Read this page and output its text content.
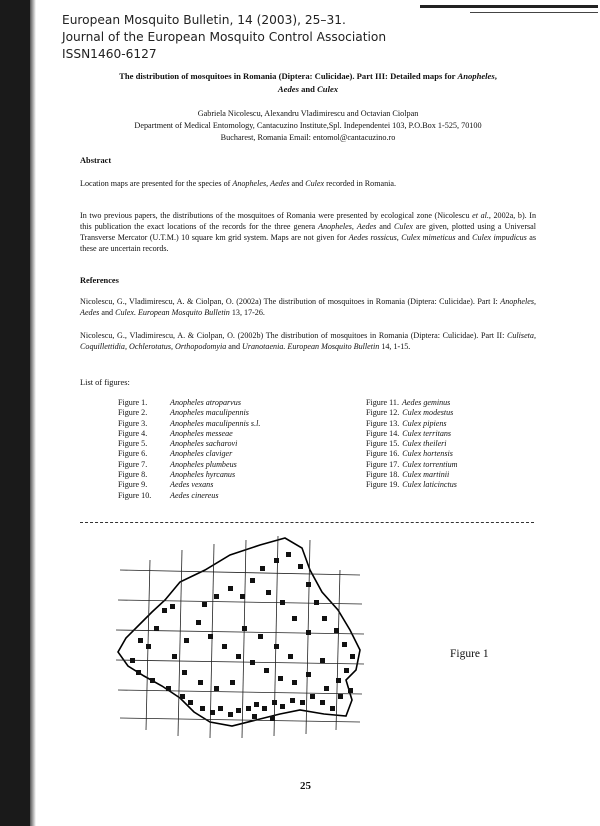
European Mosquito Bulletin, 14 (2003), 25–31.
Journal of the European Mosquito Control Association
ISSN1460-6127
The distribution of mosquitoes in Romania (Diptera: Culicidae). Part III: Detailed maps for Anopheles,
Aedes and Culex
Gabriela Nicolescu, Alexandru Vladimirescu and Octavian Ciolpan
Department of Medical Entomology, Cantacuzino Institute,Spl. Independentei 103, P.O.Box 1-525, 70100
Bucharest, Romania Email: entomol@cantacuzino.ro
Abstract
Location maps are presented for the species of Anopheles, Aedes and Culex recorded in Romania.
In two previous papers, the distributions of the mosquitoes of Romania were presented by ecological zone (Nicolescu et al., 2002a, b). In this publication the exact locations of the records for the three genera Anopheles, Aedes and Culex are given, plotted using a Universal Transverse Mercator (U.T.M.) 10 square km grid system. Maps are not given for Aedes rossicus, Culex mimeticus and Culex impudicus as these are uncertain records.
References
Nicolescu, G., Vladimirescu, A. & Ciolpan, O. (2002a) The distribution of mosquitoes in Romania (Diptera: Culicidae). Part I: Anopheles, Aedes and Culex. European Mosquito Bulletin 13, 17-26.
Nicolescu, G., Vladimirescu, A. & Ciolpan, O. (2002b) The distribution of mosquitoes in Romania (Diptera: Culicidae). Part II: Culiseta, Coquillettidia, Ochlerotatus, Orthopodomyia and Uranotaenia. European Mosquito Bulletin 14, 1-15.
List of figures:
Figure 1.	Anopheles atroparvus
Figure 2.	Anopheles maculipennis
Figure 3.	Anopheles maculipennis s.l.
Figure 4.	Anopheles messeae
Figure 5.	Anopheles sacharovi
Figure 6.	Anopheles claviger
Figure 7.	Anopheles plumbeus
Figure 8.	Anopheles hyrcanus
Figure 9.	Aedes vexans
Figure 10.	Aedes cinereus
Figure 11. Aedes geminus
Figure 12. Culex modestus
Figure 13. Culex pipiens
Figure 14. Culex territans
Figure 15. Culex theileri
Figure 16. Culex hortensis
Figure 17. Culex torrentium
Figure 18. Culex martinii
Figure 19. Culex laticinctus
Figure 1
25
